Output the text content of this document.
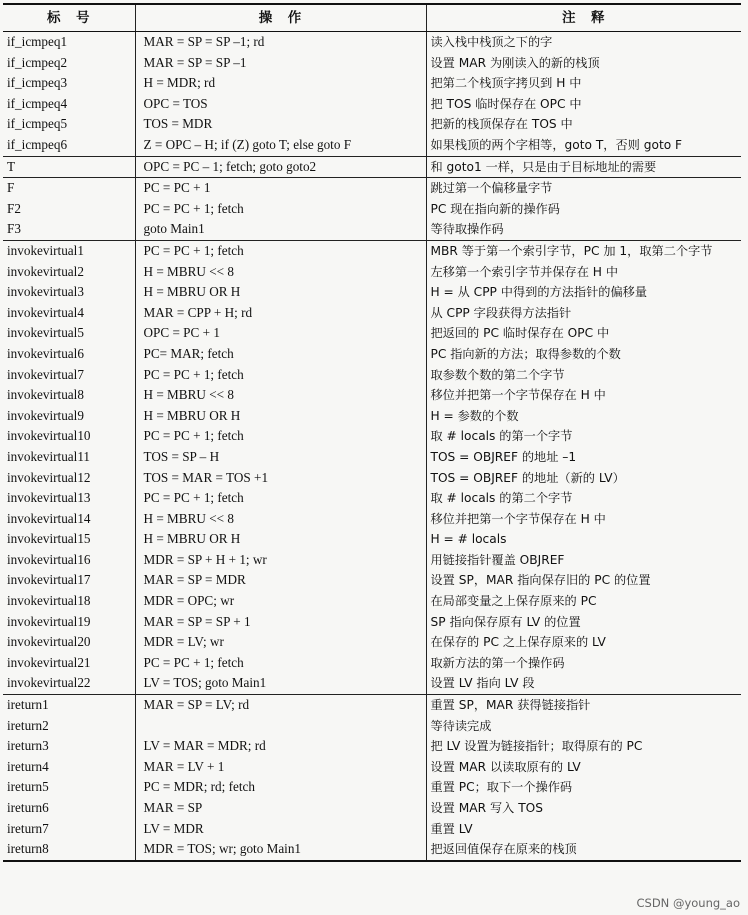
标　号	操　作	注　释
if_icmpeq1	MAR = SP = SP –1; rd	读入栈中栈顶之下的字
if_icmpeq2	MAR = SP = SP –1	设置 MAR 为刚读入的新的栈顶
if_icmpeq3	H = MDR; rd	把第二个栈顶字拷贝到 H 中
if_icmpeq4	OPC = TOS	把 TOS 临时保存在 OPC 中
if_icmpeq5	TOS = MDR	把新的栈顶保存在 TOS 中
if_icmpeq6	Z = OPC – H; if (Z) goto T; else goto F	如果栈顶的两个字相等，goto T，否则 goto F
T	OPC = PC – 1; fetch; goto goto2	和 goto1 一样，只是由于目标地址的需要
F	PC = PC + 1	跳过第一个偏移量字节
F2	PC = PC + 1; fetch	PC 现在指向新的操作码
F3	goto Main1	等待取操作码
invokevirtual1	PC = PC + 1; fetch	MBR 等于第一个索引字节，PC 加 1，取第二个字节
invokevirtual2	H = MBRU << 8	左移第一个索引字节并保存在 H 中
invokevirtual3	H = MBRU OR H	H = 从 CPP 中得到的方法指针的偏移量
invokevirtual4	MAR = CPP + H; rd	从 CPP 字段获得方法指针
invokevirtual5	OPC = PC + 1	把返回的 PC 临时保存在 OPC 中
invokevirtual6	PC= MAR; fetch	PC 指向新的方法；取得参数的个数
invokevirtual7	PC = PC + 1; fetch	取参数个数的第二个字节
invokevirtual8	H = MBRU << 8	移位并把第一个字节保存在 H 中
invokevirtual9	H = MBRU OR H	H = 参数的个数
invokevirtual10	PC = PC + 1; fetch	取 # locals 的第一个字节
invokevirtual11	TOS = SP – H	TOS = OBJREF 的地址 –1
invokevirtual12	TOS = MAR = TOS +1	TOS = OBJREF 的地址（新的 LV）
invokevirtual13	PC = PC + 1; fetch	取 # locals 的第二个字节
invokevirtual14	H = MBRU << 8	移位并把第一个字节保存在 H 中
invokevirtual15	H = MBRU OR H	H = # locals
invokevirtual16	MDR = SP + H + 1; wr	用链接指针覆盖 OBJREF
invokevirtual17	MAR = SP = MDR	设置 SP，MAR 指向保存旧的 PC 的位置
invokevirtual18	MDR = OPC; wr	在局部变量之上保存原来的 PC
invokevirtual19	MAR = SP = SP + 1	SP 指向保存原有 LV 的位置
invokevirtual20	MDR = LV; wr	在保存的 PC 之上保存原来的 LV
invokevirtual21	PC = PC + 1; fetch	取新方法的第一个操作码
invokevirtual22	LV = TOS; goto Main1	设置 LV 指向 LV 段
ireturn1	MAR = SP = LV; rd	重置 SP，MAR 获得链接指针
ireturn2		等待读完成
ireturn3	LV = MAR = MDR; rd	把 LV 设置为链接指针；取得原有的 PC
ireturn4	MAR = LV + 1	设置 MAR 以读取原有的 LV
ireturn5	PC = MDR; rd; fetch	重置 PC；取下一个操作码
ireturn6	MAR = SP	设置 MAR 写入 TOS
ireturn7	LV = MDR	重置 LV
ireturn8	MDR = TOS; wr; goto Main1	把返回值保存在原来的栈顶
CSDN @young_ao
